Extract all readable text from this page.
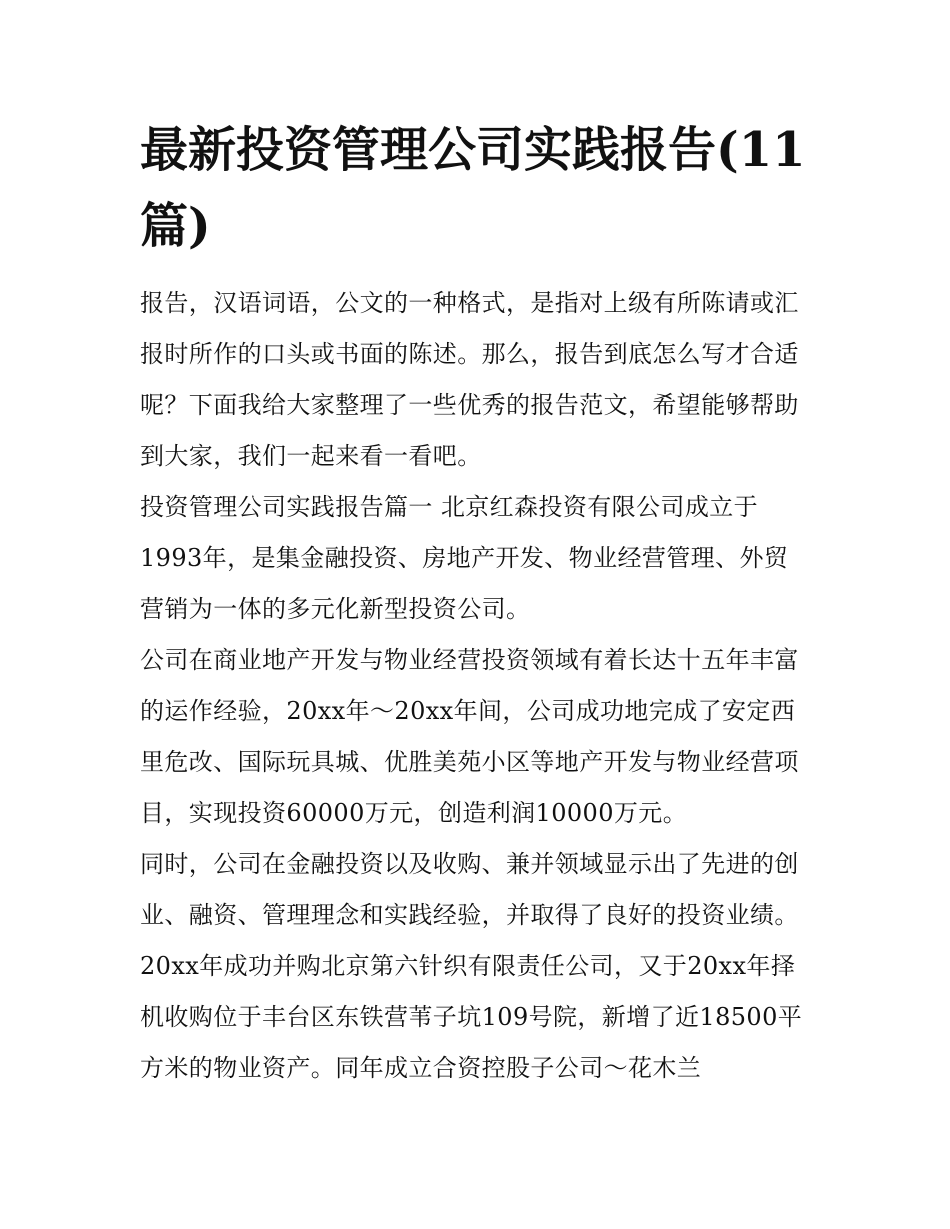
最新投资管理公司实践报告(11篇)

报告，汉语词语，公文的一种格式，是指对上级有所陈请或汇报时所作的口头或书面的陈述。那么，报告到底怎么写才合适呢？下面我给大家整理了一些优秀的报告范文，希望能够帮助到大家，我们一起来看一看吧。

投资管理公司实践报告篇一 北京红森投资有限公司成立于1993年，是集金融投资、房地产开发、物业经营管理、外贸营销为一体的多元化新型投资公司。

公司在商业地产开发与物业经营投资领域有着长达十五年丰富的运作经验，20xx年～20xx年间，公司成功地完成了安定西里危改、国际玩具城、优胜美苑小区等地产开发与物业经营项目，实现投资60000万元，创造利润10000万元。

同时，公司在金融投资以及收购、兼并领域显示出了先进的创业、融资、管理理念和实践经验，并取得了良好的投资业绩。20xx年成功并购北京第六针织有限责任公司，又于20xx年择机收购位于丰台区东铁营苇子坑109号院，新增了近18500平方米的物业资产。同年成立合资控股子公司～花木兰
